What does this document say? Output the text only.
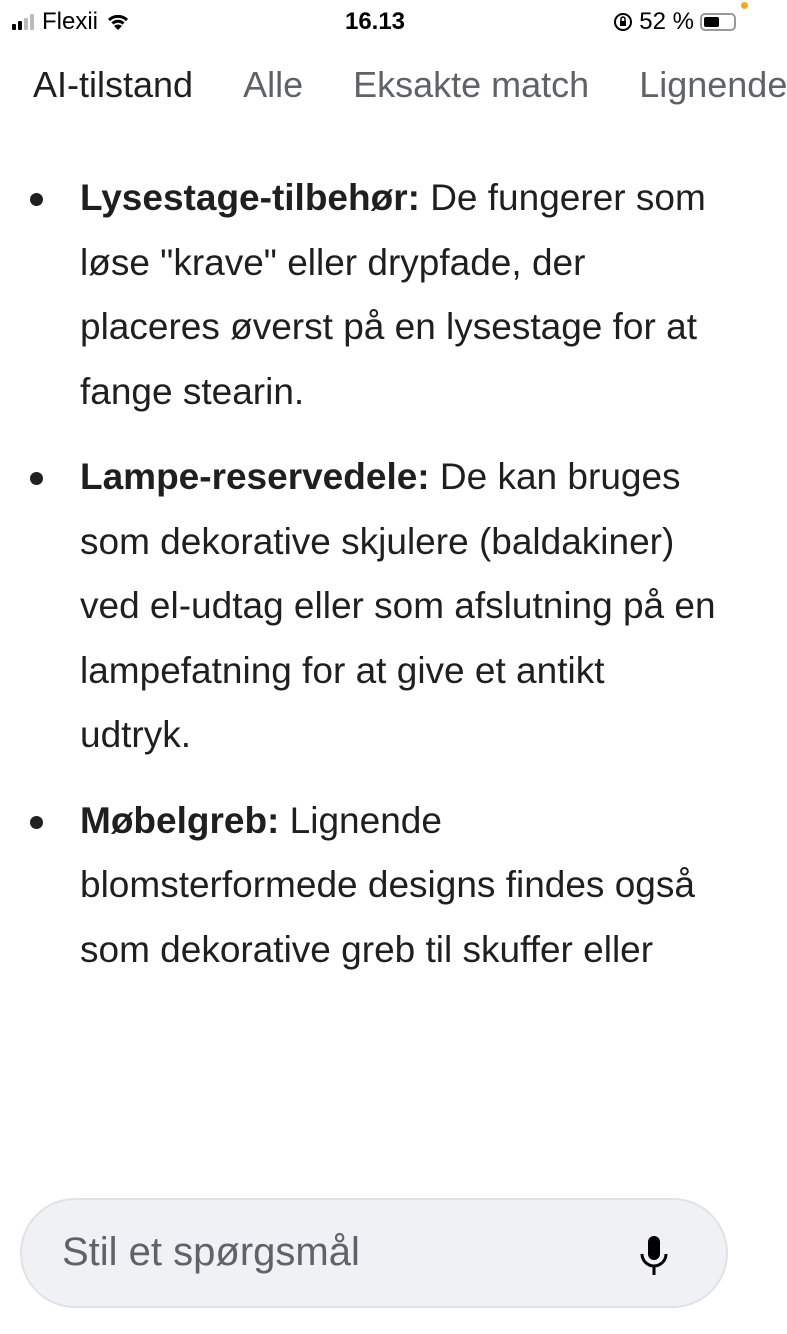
Flexii	16.13	52 %
AI-tilstand Alle Eksakte match Lignende
Lysestage-tilbehør: De fungerer som løse "krave" eller drypfade, der placeres øverst på en lysestage for at fange stearin.
Lampe-reservedele: De kan bruges som dekorative skjulere (baldakiner) ved el-udtag eller som afslutning på en lampefatning for at give et antikt udtryk.
Møbelgreb: Lignende blomsterformede designs findes også som dekorative greb til skuffer eller
Stil et spørgsmål
